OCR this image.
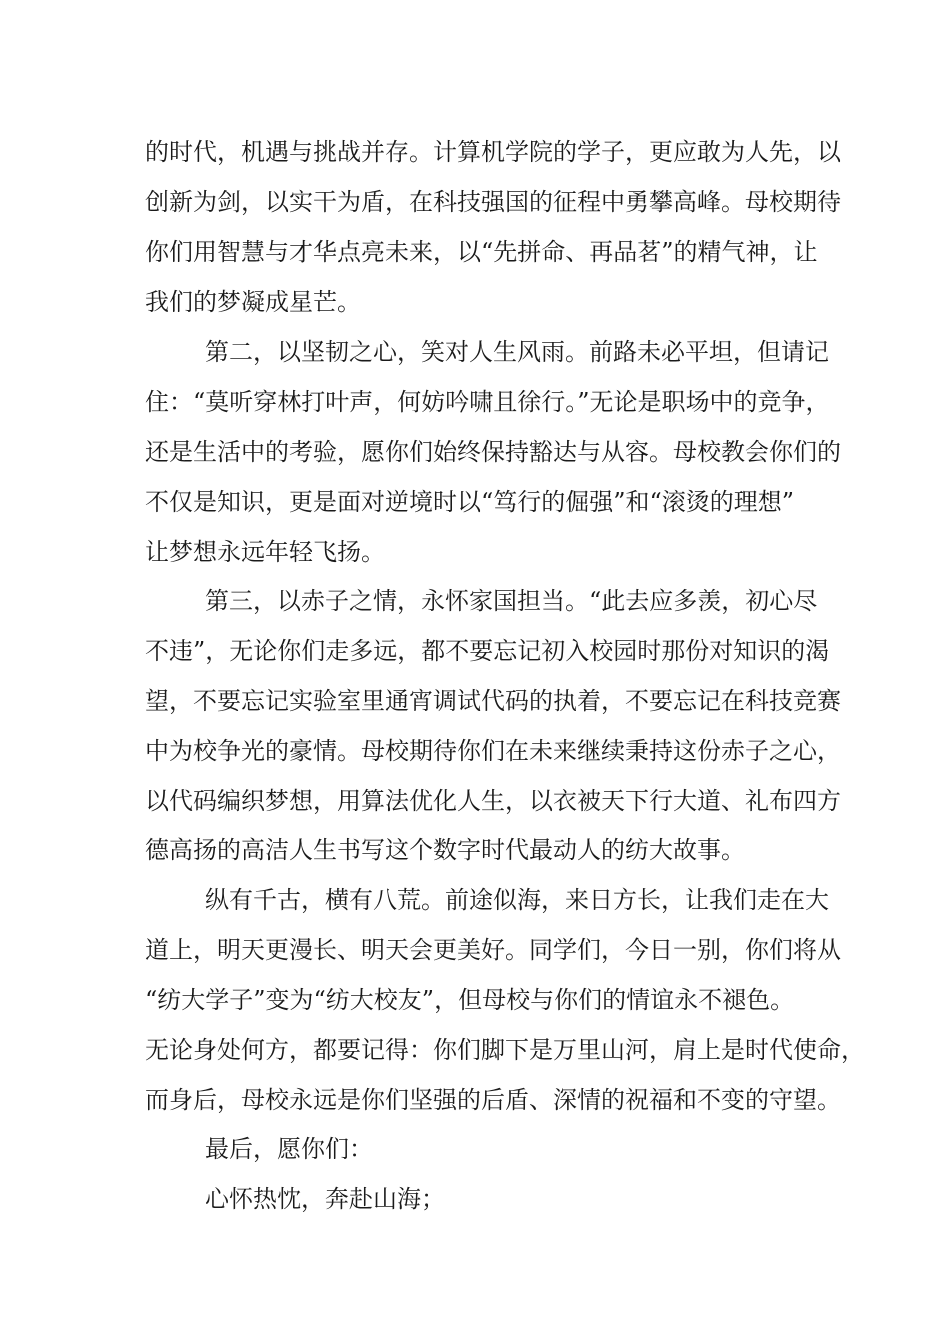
的时代，机遇与挑战并存。计算机学院的学子，更应敢为人先，以

创新为剑，以实干为盾，在科技强国的征程中勇攀高峰。母校期待

你们用智慧与才华点亮未来，以“先拼命、再品茗”的精气神，让

我们的梦凝成星芒。

第二，以坚韧之心，笑对人生风雨。前路未必平坦，但请记

住：“莫听穿林打叶声，何妨吟啸且徐行。”无论是职场中的竞争，

还是生活中的考验，愿你们始终保持豁达与从容。母校教会你们的

不仅是知识，更是面对逆境时以“笃行的倔强”和“滚烫的理想”

让梦想永远年轻飞扬。

第三，以赤子之情，永怀家国担当。“此去应多羡，初心尽

不违”，无论你们走多远，都不要忘记初入校园时那份对知识的渴

望，不要忘记实验室里通宵调试代码的执着，不要忘记在科技竞赛

中为校争光的豪情。母校期待你们在未来继续秉持这份赤子之心，

以代码编织梦想，用算法优化人生，以衣被天下行大道、礼布四方

德高扬的高洁人生书写这个数字时代最动人的纺大故事。

纵有千古，横有八荒。前途似海，来日方长，让我们走在大

道上，明天更漫长、明天会更美好。同学们，今日一别，你们将从

“纺大学子”变为“纺大校友”，但母校与你们的情谊永不褪色。

无论身处何方，都要记得：你们脚下是万里山河，肩上是时代使命，

而身后，母校永远是你们坚强的后盾、深情的祝福和不变的守望。

最后，愿你们：

心怀热忱，奔赴山海；
